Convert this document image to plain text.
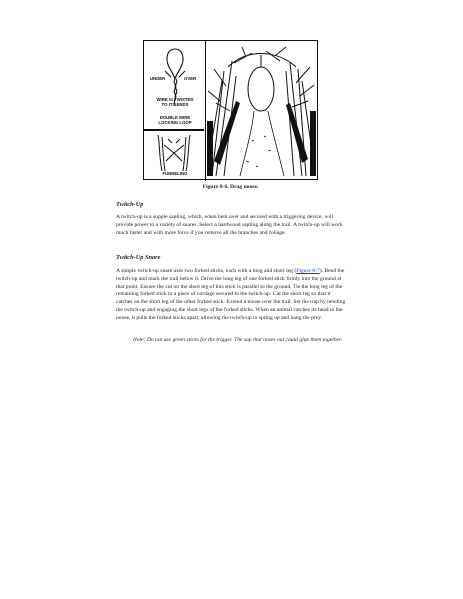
UNDER	OVER
WIRE IS TWISTED TO ITS ENDS
DOUBLE WIRE LOCKING LOOP
FUNNELING
Figure 8-6. Drag noose.
Twitch-Up

A twitch-up is a supple sapling, which, when bent over and secured with a triggering device, will provide power to a variety of snares. Select a hardwood sapling along the trail. A twitch-up will work much faster and with more force if you remove all the branches and foliage.

Twitch-Up Snare

A simple twitch-up snare uses two forked sticks, each with a long and short leg (Figure 8-7). Bend the twitch-up and mark the trail below it. Drive the long leg of one forked stick firmly into the ground at that point. Ensure the cut on the short leg of this stick is parallel to the ground. Tie the long leg of the remaining forked stick to a piece of cordage secured to the twitch-up. Cut the short leg so that it catches on the short leg of the other forked stick. Extend a noose over the trail. Set the trap by bending the twitch-up and engaging the short legs of the forked sticks. When an animal catches its head in the noose, it pulls the forked sticks apart, allowing the twitch-up to spring up and hang the prey.

Note: Do not use green sticks for the trigger. The sap that oozes out could glue them together.
